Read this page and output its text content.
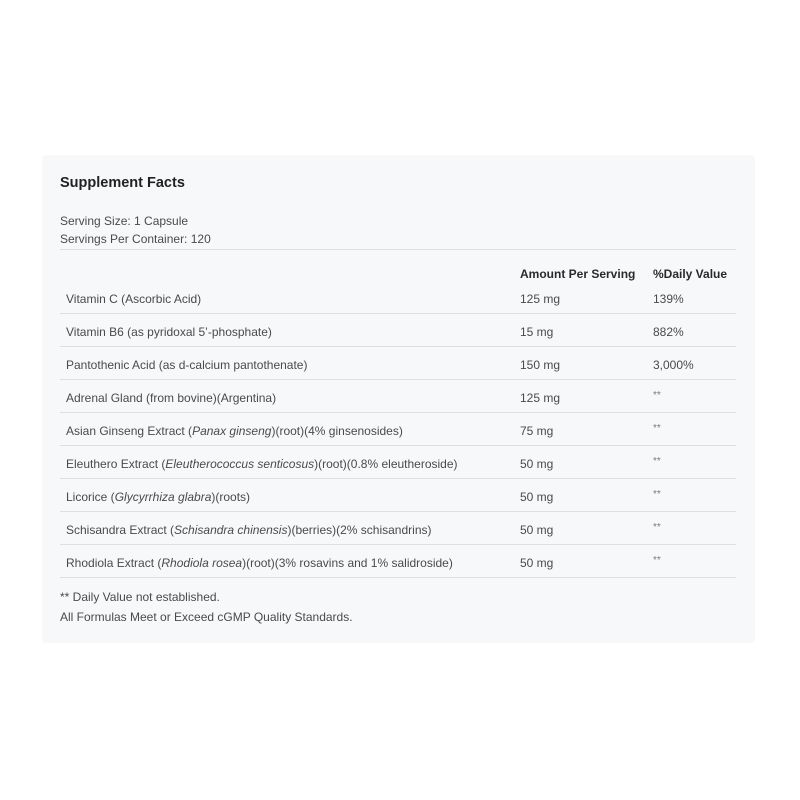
Supplement Facts
Serving Size: 1 Capsule
Servings Per Container: 120
Amount Per Serving %Daily Value
Vitamin C (Ascorbic Acid)	125 mg	139%
Vitamin B6 (as pyridoxal 5’-phosphate)	15 mg	882%
Pantothenic Acid (as d-calcium pantothenate)	150 mg	3,000%
Adrenal Gland (from bovine)(Argentina)	125 mg	**
Asian Ginseng Extract (Panax ginseng)(root)(4% ginsenosides)	75 mg	**
Eleuthero Extract (Eleutherococcus senticosus)(root)(0.8% eleutheroside)	50 mg	**
Licorice (Glycyrrhiza glabra)(roots)	50 mg	**
Schisandra Extract (Schisandra chinensis)(berries)(2% schisandrins)	50 mg	**
Rhodiola Extract (Rhodiola rosea)(root)(3% rosavins and 1% salidroside)	50 mg	**
** Daily Value not established.
All Formulas Meet or Exceed cGMP Quality Standards.
